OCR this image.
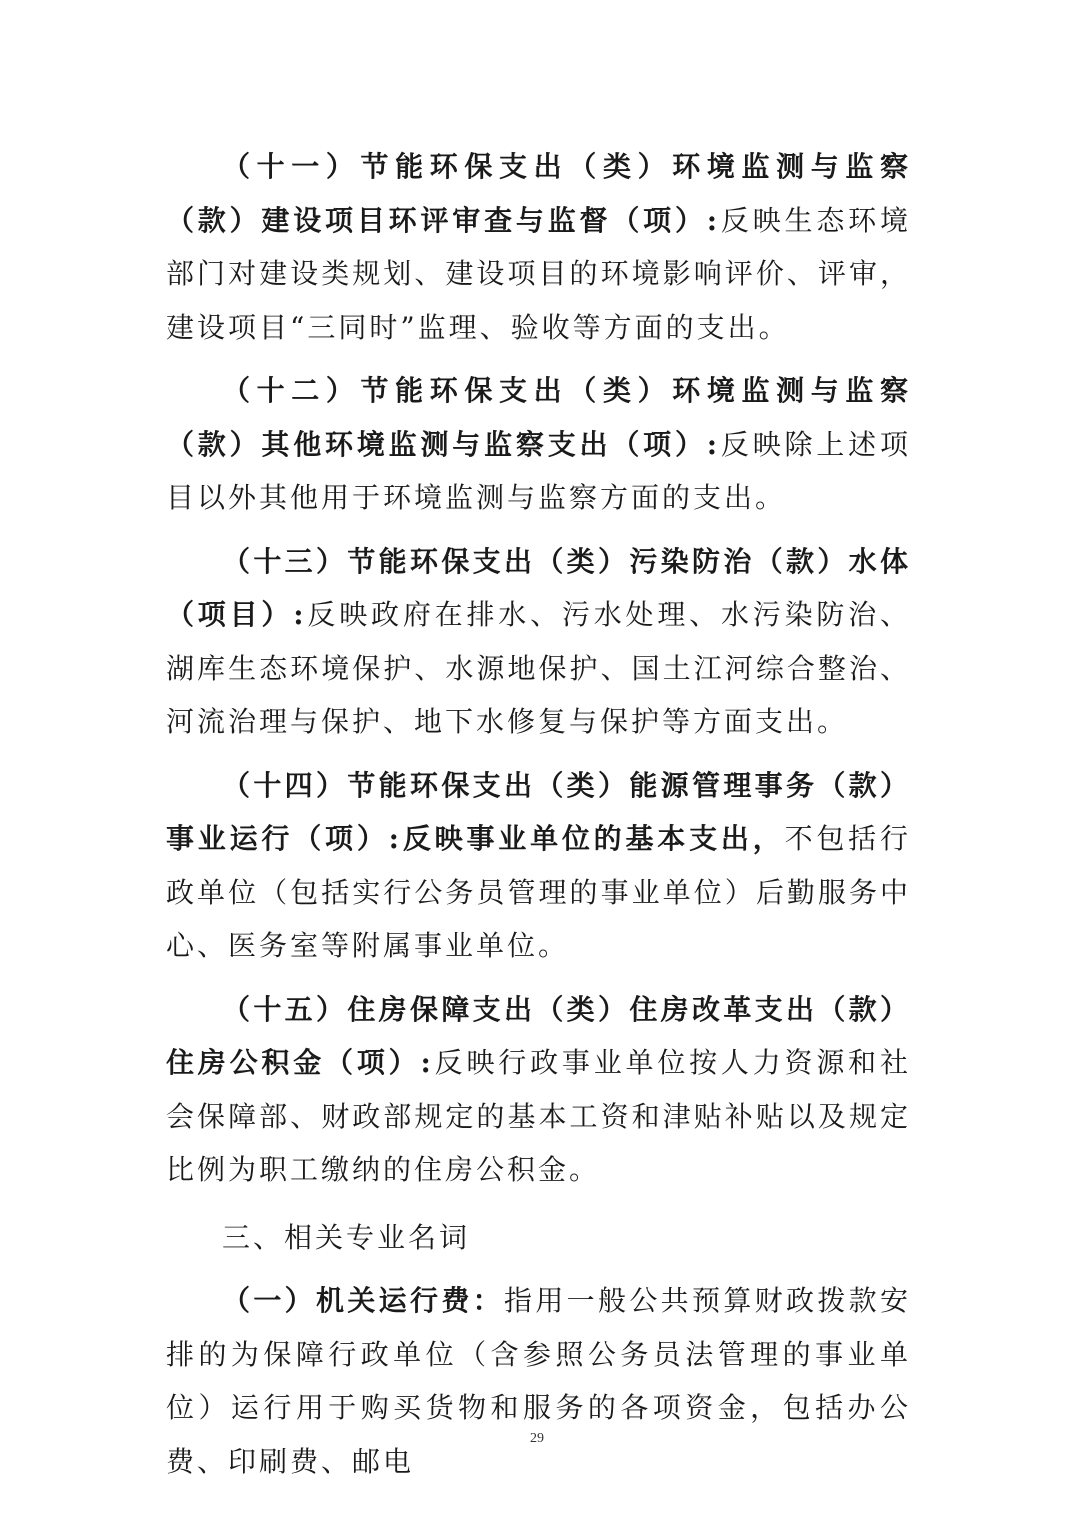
（十一）节能环保支出（类）环境监测与监察（款）建设项目环评审查与监督（项）:反映生态环境部门对建设类规划、建设项目的环境影响评价、评审，建设项目“三同时”监理、验收等方面的支出。

（十二）节能环保支出（类）环境监测与监察（款）其他环境监测与监察支出（项）:反映除上述项目以外其他用于环境监测与监察方面的支出。

（十三）节能环保支出（类）污染防治（款）水体（项目）:反映政府在排水、污水处理、水污染防治、湖库生态环境保护、水源地保护、国土江河综合整治、河流治理与保护、地下水修复与保护等方面支出。

（十四）节能环保支出（类）能源管理事务（款）事业运行（项）:反映事业单位的基本支出，不包括行政单位（包括实行公务员管理的事业单位）后勤服务中心、医务室等附属事业单位。

（十五）住房保障支出（类）住房改革支出（款）住房公积金（项）:反映行政事业单位按人力资源和社会保障部、财政部规定的基本工资和津贴补贴以及规定比例为职工缴纳的住房公积金。

三、相关专业名词

（一）机关运行费：指用一般公共预算财政拨款安排的为保障行政单位（含参照公务员法管理的事业单位）运行用于购买货物和服务的各项资金，包括办公费、印刷费、邮电

29
